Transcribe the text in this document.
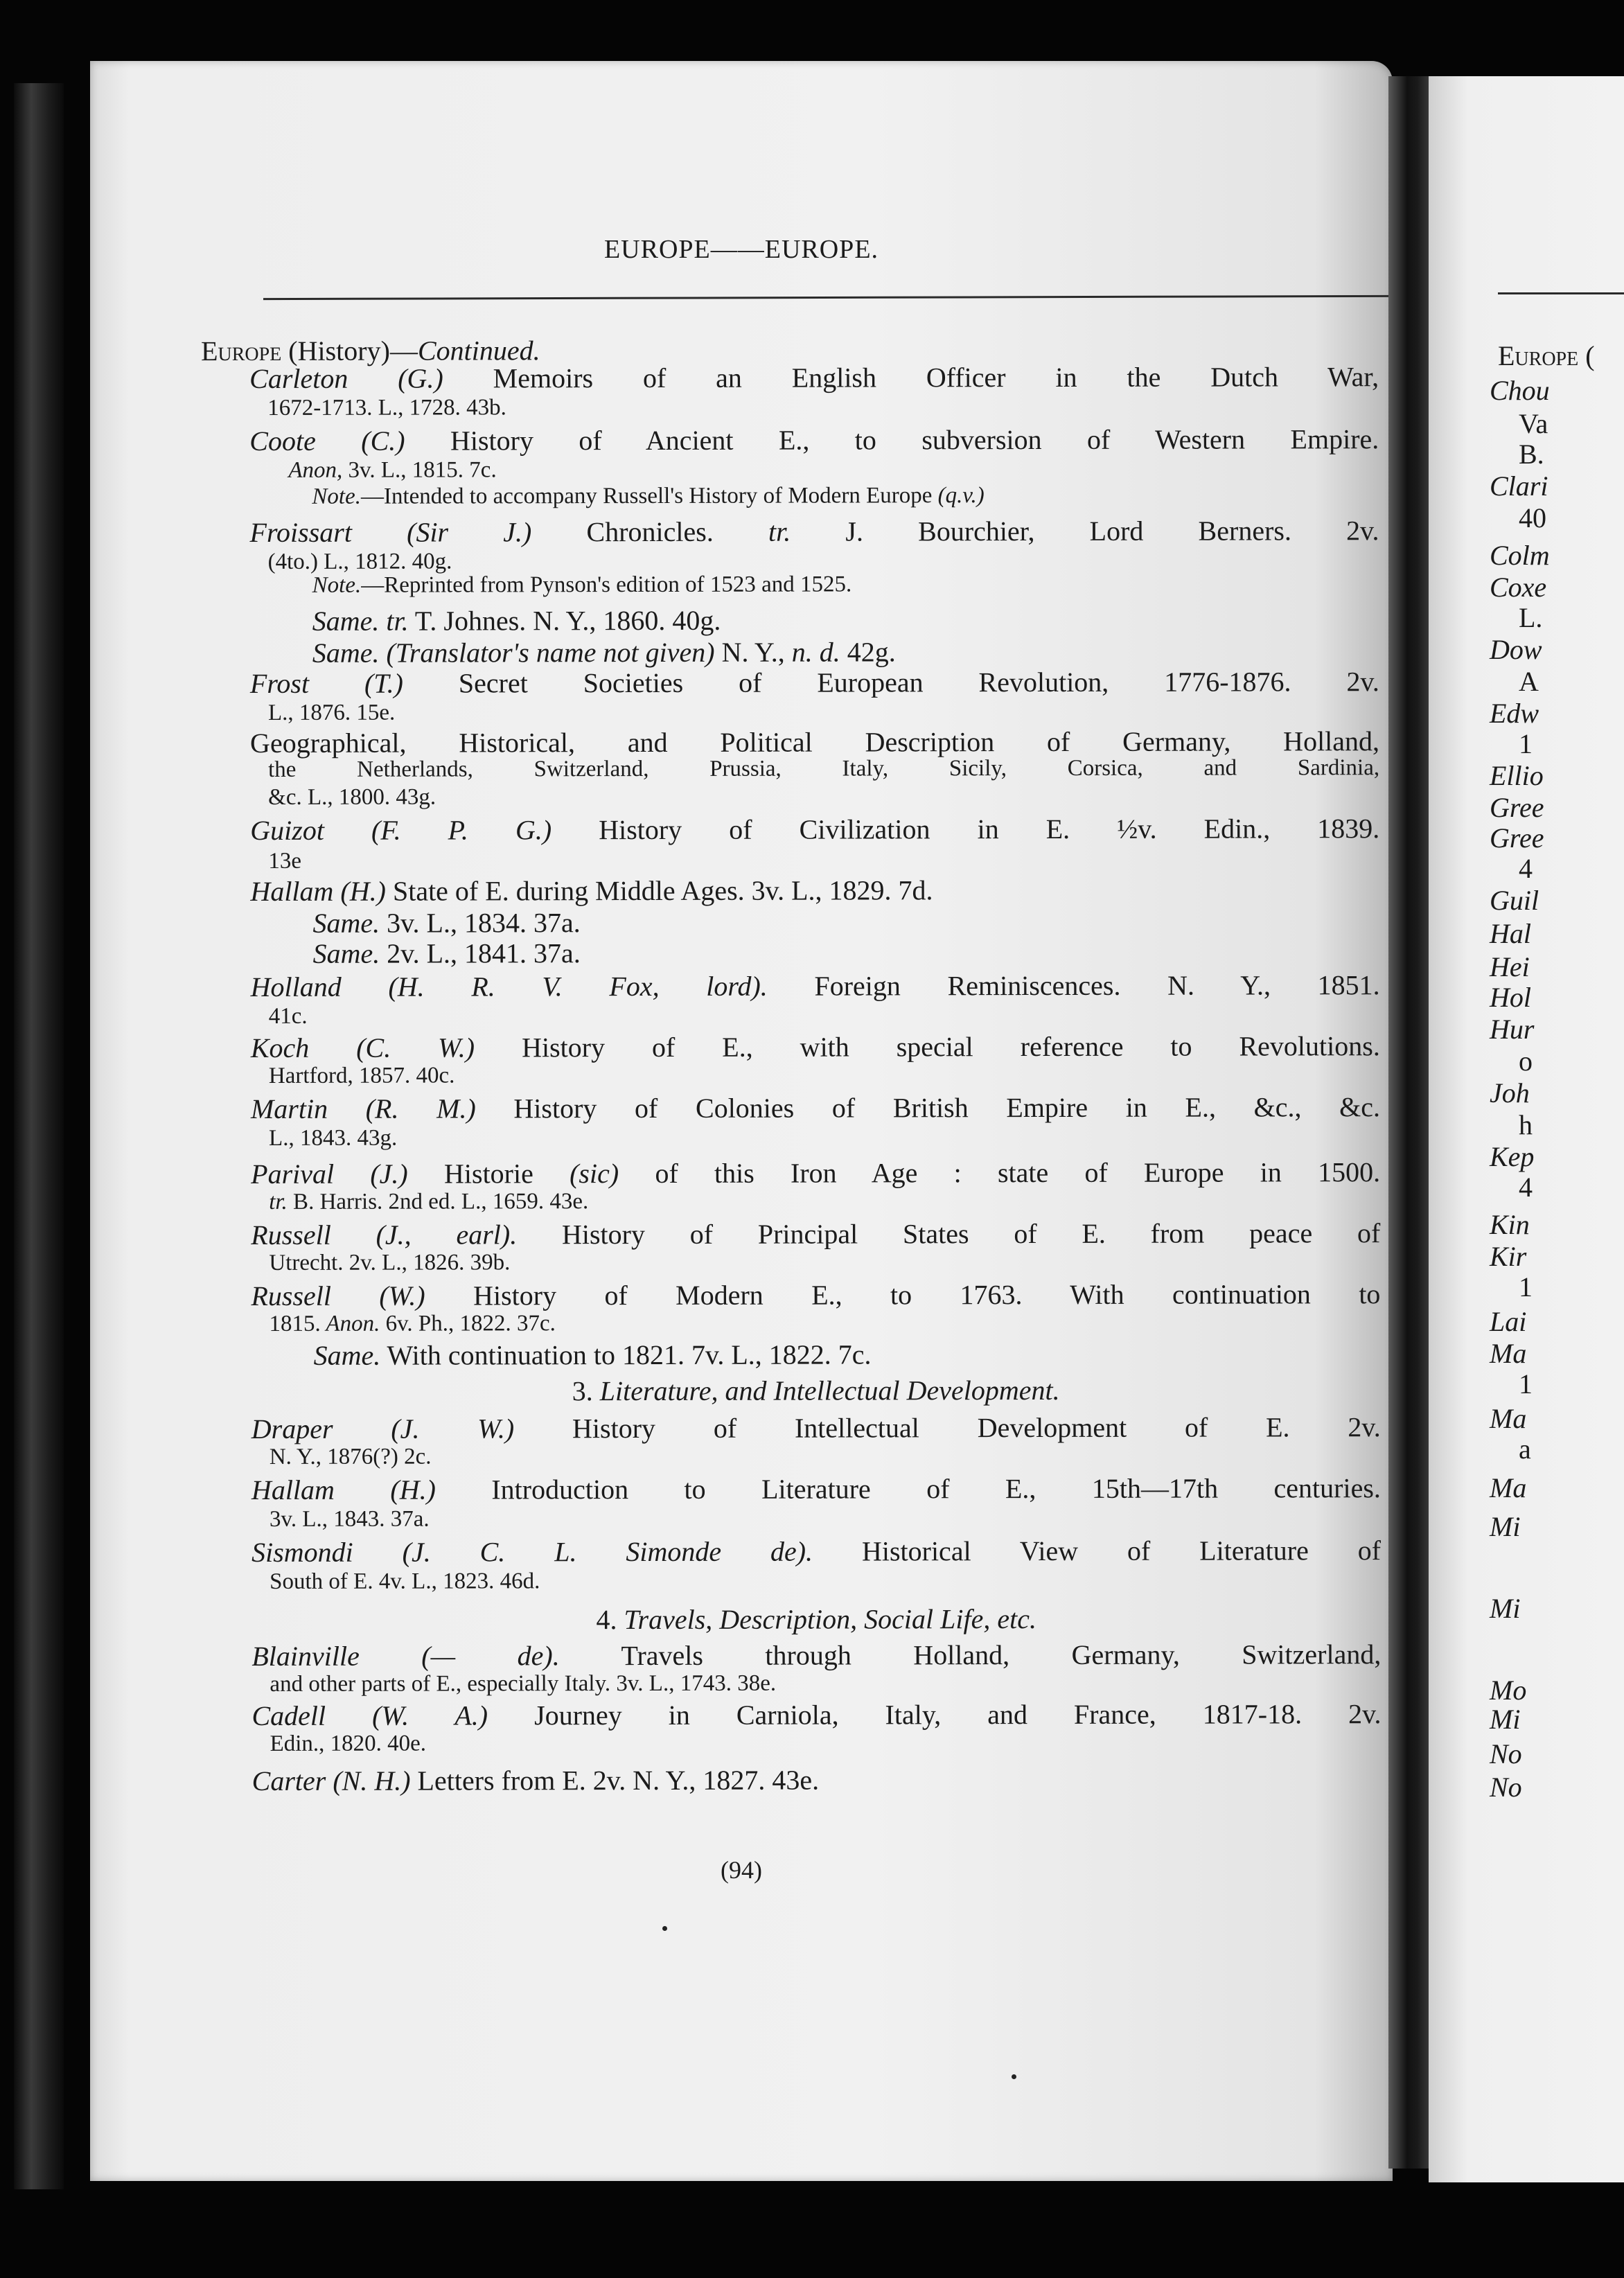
EUROPE——EUROPE.
Europe (History)—Continued.
Carleton (G.) Memoirs of an English Officer in the Dutch War,
1672-1713. L., 1728. 43b.
Coote (C.) History of Ancient E., to subversion of Western Empire.
Anon, 3v. L., 1815. 7c.
Note.—Intended to accompany Russell's History of Modern Europe (q.v.)
Froissart (Sir J.) Chronicles. tr. J. Bourchier, Lord Berners. 2v.
(4to.) L., 1812. 40g.
Note.—Reprinted from Pynson's edition of 1523 and 1525.
Same. tr. T. Johnes. N. Y., 1860. 40g.
Same. (Translator's name not given) N. Y., n. d. 42g.
Frost (T.) Secret Societies of European Revolution, 1776-1876. 2v.
L., 1876. 15e.
Geographical, Historical, and Political Description of Germany, Holland,
the Netherlands, Switzerland, Prussia, Italy, Sicily, Corsica, and Sardinia,
&c. L., 1800. 43g.
Guizot (F. P. G.) History of Civilization in E. ½v. Edin., 1839.
13e
Hallam (H.) State of E. during Middle Ages. 3v. L., 1829. 7d.
Same. 3v. L., 1834. 37a.
Same. 2v. L., 1841. 37a.
Holland (H. R. V. Fox, lord). Foreign Reminiscences. N. Y., 1851.
41c.
Koch (C. W.) History of E., with special reference to Revolutions.
Hartford, 1857. 40c.
Martin (R. M.) History of Colonies of British Empire in E., &c., &c.
L., 1843. 43g.
Parival (J.) Historie (sic) of this Iron Age : state of Europe in 1500.
tr. B. Harris. 2nd ed. L., 1659. 43e.
Russell (J., earl). History of Principal States of E. from peace of
Utrecht. 2v. L., 1826. 39b.
Russell (W.) History of Modern E., to 1763. With continuation to
1815. Anon. 6v. Ph., 1822. 37c.
Same. With continuation to 1821. 7v. L., 1822. 7c.
3. Literature, and Intellectual Development.
Draper (J. W.) History of Intellectual Development of E. 2v.
N. Y., 1876(?) 2c.
Hallam (H.) Introduction to Literature of E., 15th—17th centuries.
3v. L., 1843. 37a.
Sismondi (J. C. L. Simonde de). Historical View of Literature of
South of E. 4v. L., 1823. 46d.
4. Travels, Description, Social Life, etc.
Blainville (— de). Travels through Holland, Germany, Switzerland,
and other parts of E., especially Italy. 3v. L., 1743. 38e.
Cadell (W. A.) Journey in Carniola, Italy, and France, 1817-18. 2v.
Edin., 1820. 40e.
Carter (N. H.) Letters from E. 2v. N. Y., 1827. 43e.
(94)
Europe (
Chou
Va
B.
Clari
40
Colm
Coxe
L.
Dow
A
Edw
1
Ellio
Gree
Gree
4
Guil
Hal
Hei
Hol
Hur
o
Joh
h
Kep
4
Kin
Kir
1
Lai
Ma
1
Ma
a
Ma
Mi
Mi
Mo
Mi
No
No
